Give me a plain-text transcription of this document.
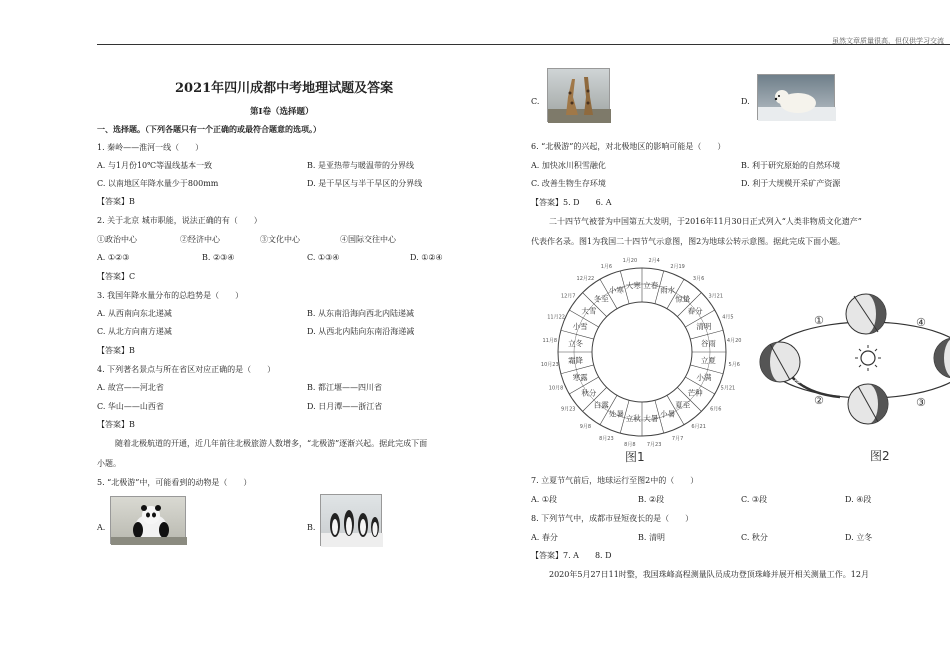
虽然文章质量很高，但仅供学习交流
2021年四川成都中考地理试题及答案
第Ⅰ卷（选择题）
一、选择题。（下列各题只有一个正确的或最符合题意的选项。）
1. 秦岭——淮河一线（　　）
A. 与1月份10℃等温线基本一致	B. 是亚热带与暖温带的分界线
C. 以南地区年降水量少于800mm	D. 是干旱区与半干旱区的分界线
【答案】B
2. 关于北京 城市职能，说法正确的有（　　）
①政治中心	②经济中心	③文化中心	④国际交往中心
A. ①②③	B. ②③④	C. ①③④	D. ①②④
【答案】C
3. 我国年降水量分布的总趋势是（　　）
A. 从西南向东北递减	B. 从东南沿海向西北内陆递减
C. 从北方向南方递减	D. 从西北内陆向东南沿海递减
【答案】B
4. 下列著名景点与所在省区对应正确的是（　　）
A. 故宫——河北省	B. 都江堰——四川省
C. 华山——山西省	D. 日月潭——浙江省
【答案】B
随着北极航道的开通，近几年前往北极旅游人数增多，“北极游”逐渐兴起。据此完成下面
小题。
5. “北极游”中，可能看到的动物是（　　）
A.	B.
C.	D.
6. “北极游”的兴起，对北极地区的影响可能是（　　）
A. 加快冰川积雪融化	B. 利于研究原始的自然环境
C. 改善生物生存环境	D. 利于大规模开采矿产资源
【答案】5. D　　6. A
二十四节气被誉为中国第五大发明，于2016年11月30日正式列入“人类非物质文化遗产”
代表作名录。图1为我国二十四节气示意图，图2为地球公转示意图。据此完成下面小题。
大寒
1月20
立春
2月4
雨水
2月19
惊蛰
3月6
春分
3月21
清明
4月5
谷雨 4月20
立夏	5月6
小满
5月21
芒种
6月6
夏至
6月21
小暑
7月7
大暑
7月23
立秋
8月8
处暑
8月23
白露
9月8
秋分
9月23
寒露
10月8
霜降
10月23
立冬
11月8
小雪
11月22
大雪
12月7 冬至
12月22
小寒
1月6
图1
地球公转轨道
①
②	③
④
图2
7. 立夏节气前后，地球运行至图2中的（　　）
A. ①段	B. ②段	C. ③段	D. ④段
8. 下列节气中，成都市昼短夜长的是（　　）
A. 春分	B. 清明	C. 秋分	D. 立冬
【答案】7. A　　8. D
2020年5月27日11时整，我国珠峰高程测量队员成功登顶珠峰并展开相关测量工作。12月
